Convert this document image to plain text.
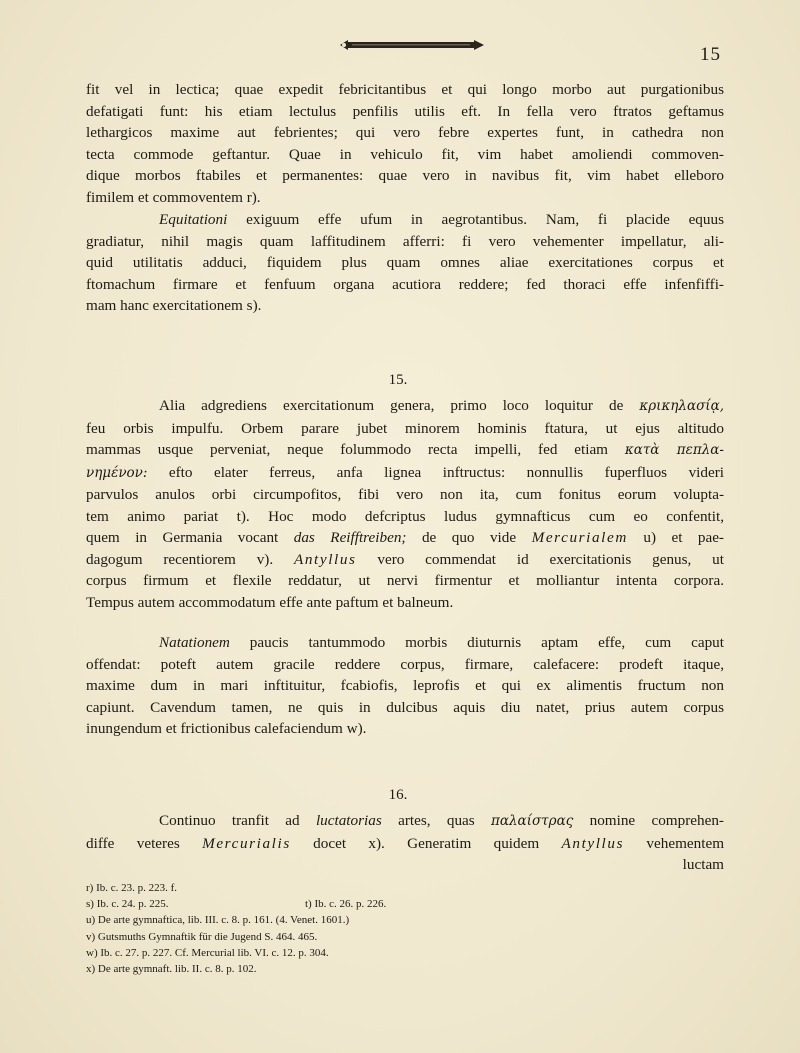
15
fit vel in lectica; quae expedit febricitantibus et qui longo morbo aut purgationibus
defatigati funt: his etiam lectulus penfilis utilis eft. In fella vero ftratos geftamus
lethargicos maxime aut febrientes; qui vero febre expertes funt, in cathedra non
tecta commode geftantur. Quae in vehiculo fit, vim habet amoliendi commoven-
dique morbos ftabiles et permanentes: quae vero in navibus fit, vim habet elleboro
fimilem et commoventem r).
Equitationi exiguum effe ufum in aegrotantibus. Nam, fi placide equus
gradiatur, nihil magis quam laffitudinem afferri: fi vero vehementer impellatur, ali-
quid utilitatis adduci, fiquidem plus quam omnes aliae exercitationes corpus et
ftomachum firmare et fenfuum organa acutiora reddere; fed thoraci effe infenfiffi-
mam hanc exercitationem s).
15.
Alia adgrediens exercitationum genera, primo loco loquitur de κρικηλασίᾳ,
feu orbis impulfu. Orbem parare jubet minorem hominis ftatura, ut ejus altitudo
mammas usque perveniat, neque folummodo recta impelli, fed etiam κατὰ πεπλα-
νημένον: efto elater ferreus, anfa lignea inftructus: nonnullis fuperfluos videri
parvulos anulos orbi circumpofitos, fibi vero non ita, cum fonitus eorum volupta-
tem animo pariat t). Hoc modo defcriptus ludus gymnafticus cum eo confentit,
quem in Germania vocant das Reifftreiben; de quo vide Mercurialem u) et pae-
dagogum recentiorem v). Antyllus vero commendat id exercitationis genus, ut
corpus firmum et flexile reddatur, ut nervi firmentur et molliantur intenta corpora.
Tempus autem accommodatum effe ante paftum et balneum.
Natationem paucis tantummodo morbis diuturnis aptam effe, cum caput
offendat: poteft autem gracile reddere corpus, firmare, calefacere: prodeft itaque,
maxime dum in mari inftituitur, fcabiofis, leprofis et qui ex alimentis fructum non
capiunt. Cavendum tamen, ne quis in dulcibus aquis diu natet, prius autem corpus
inungendum et frictionibus calefaciendum w).
16.
Continuo tranfit ad luctatorias artes, quas παλαίστρας nomine comprehen-
diffe veteres Mercurialis docet x). Generatim quidem Antyllus vehementem
luctam
r) Ib. c. 23. p. 223. f.
s) Ib. c. 24. p. 225.	t) Ib. c. 26. p. 226.
u) De arte gymnaftica, lib. III. c. 8. p. 161. (4. Venet. 1601.)
v) Gutsmuths Gymnaftik für die Jugend S. 464. 465.
w) Ib. c. 27. p. 227. Cf. Mercurial lib. VI. c. 12. p. 304.
x) De arte gymnaft. lib. II. c. 8. p. 102.
